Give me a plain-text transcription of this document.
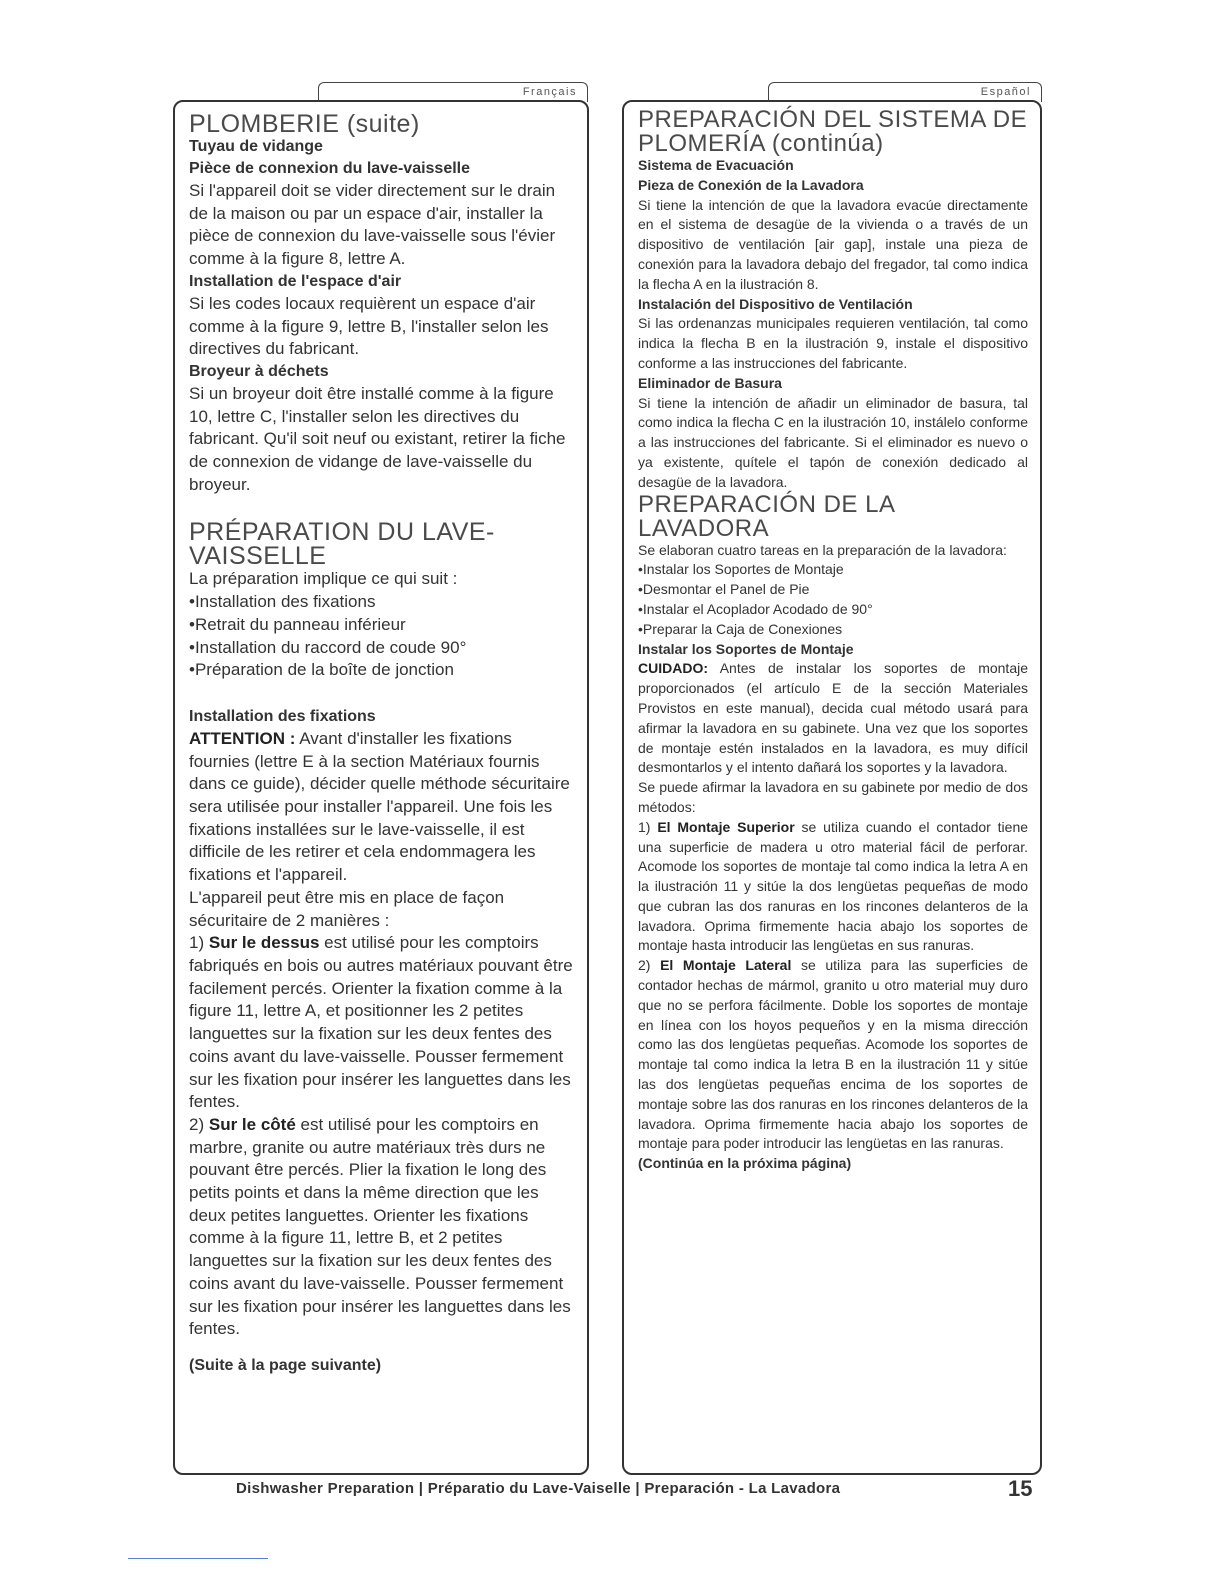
Français	Español
PLOMBERIE (suite)

Tuyau de vidange

Pièce de connexion du lave-vaisselle

Si l'appareil doit se vider directement sur le drain de la maison ou par un espace d'air, installer la pièce de connexion du lave-vaisselle sous l'évier comme à la figure 8, lettre A.

Installation de l'espace d'air

Si les codes locaux requièrent un espace d'air comme à la figure 9, lettre B, l'installer selon les directives du fabricant.

Broyeur à déchets

Si un broyeur doit être installé comme à la figure 10, lettre C, l'installer selon les directives du fabricant. Qu'il soit neuf ou existant, retirer la fiche de connexion de vidange de lave-vaisselle du broyeur.

PRÉPARATION DU LAVE-VAISSELLE

La préparation implique ce qui suit :

• Installation des fixations

• Retrait du panneau inférieur

• Installation du raccord de coude 90°

• Préparation de la boîte de jonction

Installation des fixations

ATTENTION : Avant d'installer les fixations fournies (lettre E à la section Matériaux fournis dans ce guide), décider quelle méthode sécuritaire sera utilisée pour installer l'appareil. Une fois les fixations installées sur le lave-vaisselle, il est difficile de les retirer et cela endommagera les fixations et l'appareil.

L'appareil peut être mis en place de façon sécuritaire de 2 manières :

1) Sur le dessus est utilisé pour les comptoirs fabriqués en bois ou autres matériaux pouvant être facilement percés. Orienter la fixation comme à la figure 11, lettre A, et positionner les 2 petites languettes sur la fixation sur les deux fentes des coins avant du lave-vaisselle. Pousser fermement sur les fixation pour insérer les languettes dans les fentes.

2) Sur le côté est utilisé pour les comptoirs en marbre, granite ou autre matériaux très durs ne pouvant être percés. Plier la fixation le long des petits points et dans la même direction que les deux petites languettes. Orienter les fixations comme à la figure 11, lettre B, et 2 petites languettes sur la fixation sur les deux fentes des coins avant du lave-vaisselle. Pousser fermement sur les fixation pour insérer les languettes dans les fentes.

(Suite à la page suivante)

PREPARACIÓN DEL SISTEMA DE PLOMERÍA (continúa)

Sistema de Evacuación

Pieza de Conexión de la Lavadora

Si tiene la intención de que la lavadora evacúe directamente en el sistema de desagüe de la vivienda o a través de un dispositivo de ventilación [air gap], instale una pieza de conexión para la lavadora debajo del fregador, tal como indica la flecha A en la ilustración 8.

Instalación del Dispositivo de Ventilación

Si las ordenanzas municipales requieren ventilación, tal como indica la flecha B en la ilustración 9, instale el dispositivo conforme a las instrucciones del fabricante.

Eliminador de Basura

Si tiene la intención de añadir un eliminador de basura, tal como indica la flecha C en la ilustración 10, instálelo conforme a las instrucciones del fabricante. Si el eliminador es nuevo o ya existente, quítele el tapón de conexión dedicado al desagüe de la lavadora.

PREPARACIÓN DE LA LAVADORA

Se elaboran cuatro tareas en la preparación de la lavadora:

• Instalar los Soportes de Montaje

• Desmontar el Panel de Pie

• Instalar el Acoplador Acodado de 90°

• Preparar la Caja de Conexiones

Instalar los Soportes de Montaje

CUIDADO: Antes de instalar los soportes de montaje proporcionados (el artículo E de la sección Materiales Provistos en este manual), decida cual método usará para afirmar la lavadora en su gabinete. Una vez que los soportes de montaje estén instalados en la lavadora, es muy difícil desmontarlos y el intento dañará los soportes y la lavadora.

Se puede afirmar la lavadora en su gabinete por medio de dos métodos:

1) El Montaje Superior se utiliza cuando el contador tiene una superficie de madera u otro material fácil de perforar. Acomode los soportes de montaje tal como indica la letra A en la ilustración 11 y sitúe la dos lengüetas pequeñas de modo que cubran las dos ranuras en los rincones delanteros de la lavadora. Oprima firmemente hacia abajo los soportes de montaje hasta introducir las lengüetas en sus ranuras.

2) El Montaje Lateral se utiliza para las superficies de contador hechas de mármol, granito u otro material muy duro que no se perfora fácilmente. Doble los soportes de montaje en línea con los hoyos pequeños y en la misma dirección como las dos lengüetas pequeñas. Acomode los soportes de montaje tal como indica la letra B en la ilustración 11 y sitúe las dos lengüetas pequeñas encima de los soportes de montaje sobre las dos ranuras en los rincones delanteros de la lavadora. Oprima firmemente hacia abajo los soportes de montaje para poder introducir las lengüetas en las ranuras.

(Continúa en la próxima página)

Dishwasher Preparation | Préparatio du Lave-Vaiselle | Preparación - La Lavadora	15
